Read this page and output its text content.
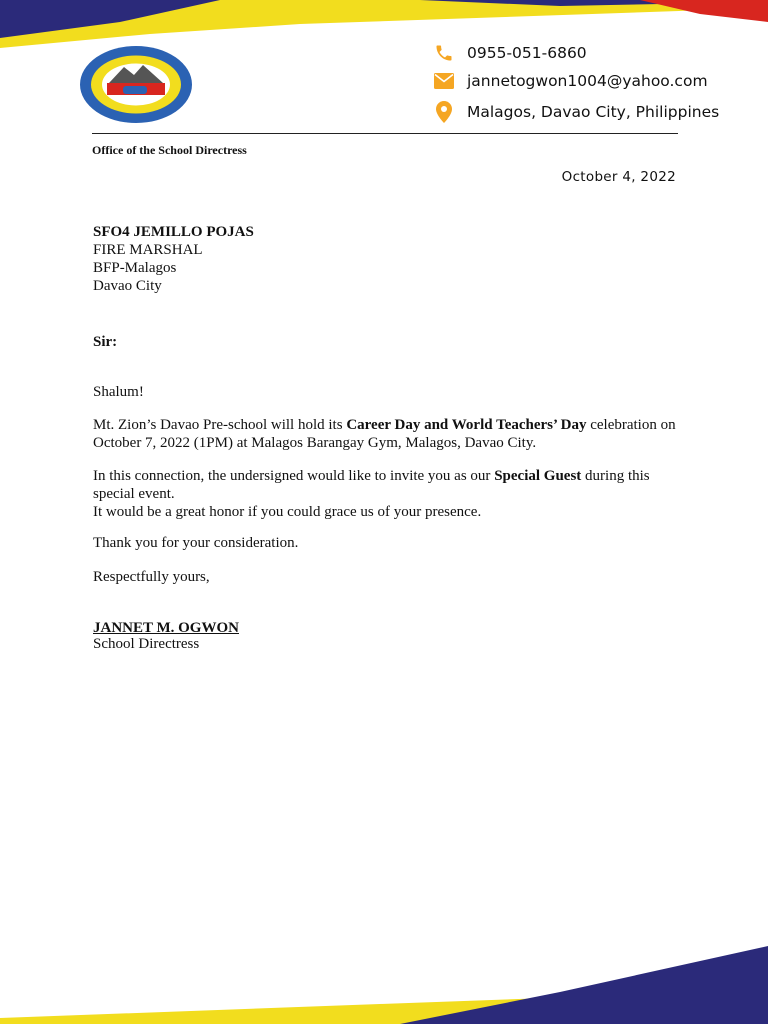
0955-051-6860
jannetogwon1004@yahoo.com
Malagos, Davao City, Philippines
Office of the School Directress
October 4, 2022
SFO4 JEMILLO POJAS
FIRE MARSHAL
BFP-Malagos
Davao City
Sir:
Shalum!
Mt. Zion’s Davao Pre-school will hold its Career Day and World Teachers’ Day celebration on October 7, 2022 (1PM) at Malagos Barangay Gym, Malagos, Davao City.
In this connection, the undersigned would like to invite you as our Special Guest during this special event.
It would be a great honor if you could grace us of your presence.
Thank you for your consideration.
Respectfully yours,
JANNET M. OGWON
School Directress
